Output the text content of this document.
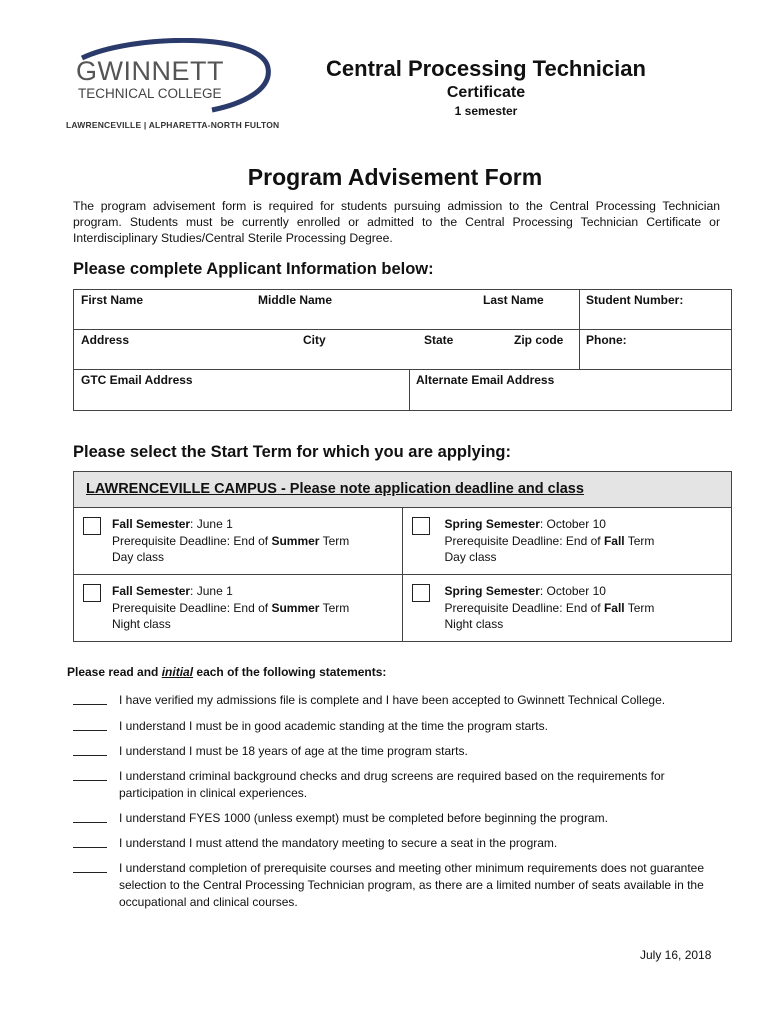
GWINNETT
TECHNICAL COLLEGE
LAWRENCEVILLE | ALPHARETTA-NORTH FULTON
Central Processing Technician
Certificate
1 semester
Program Advisement Form
The program advisement form is required for students pursuing admission to the Central Processing Technician program. Students must be currently enrolled or admitted to the Central Processing Technician Certificate or Interdisciplinary Studies/Central Sterile Processing Degree.
Please complete Applicant Information below:
First Name	Middle Name	Last Name	Student Number:
Address	City	State	Zip code Phone:
GTC Email Address	Alternate Email Address
Please select the Start Term for which you are applying:
LAWRENCEVILLE CAMPUS - Please note application deadline and class
Fall Semester: June 1
Prerequisite Deadline: End of Summer Term
Day class
Spring Semester: October 10
Prerequisite Deadline: End of Fall Term
Day class
Fall Semester: June 1
Prerequisite Deadline: End of Summer Term
Night class
Spring Semester: October 10
Prerequisite Deadline: End of Fall Term
Night class
Please read and initial each of the following statements:
I have verified my admissions file is complete and I have been accepted to Gwinnett Technical College.
I understand I must be in good academic standing at the time the program starts.
I understand I must be 18 years of age at the time program starts.
I understand criminal background checks and drug screens are required based on the requirements for participation in clinical experiences.
I understand FYES 1000 (unless exempt) must be completed before beginning the program.
I understand I must attend the mandatory meeting to secure a seat in the program.
I understand completion of prerequisite courses and meeting other minimum requirements does not guarantee selection to the Central Processing Technician program, as there are a limited number of seats available in the occupational and clinical courses.
July 16, 2018
